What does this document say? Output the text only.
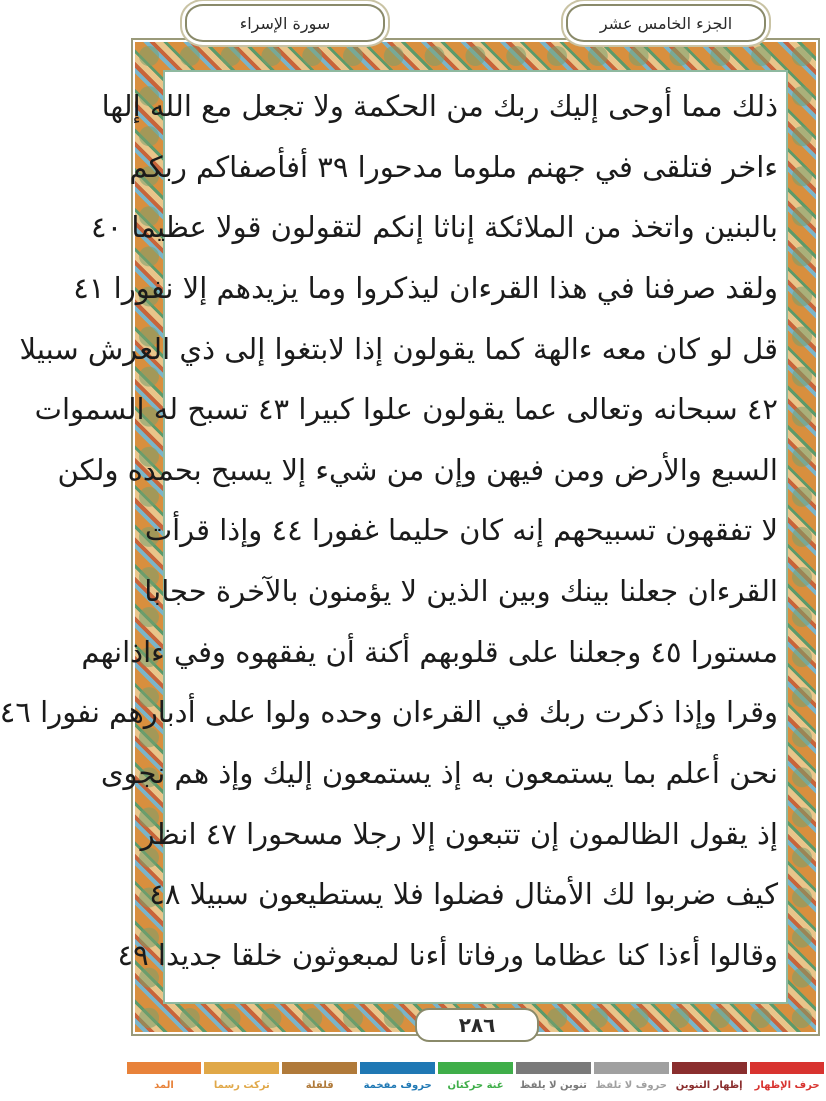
الجزء الخامس عشر
سورة الإسراء
ذلك مما أوحى إليك ربك من الحكمة ولا تجعل مع الله إلها
ءاخر فتلقى في جهنم ملوما مدحورا ٣٩ أفأصفاكم ربكم
بالبنين واتخذ من الملائكة إناثا إنكم لتقولون قولا عظيما ٤٠
ولقد صرفنا في هذا القرءان ليذكروا وما يزيدهم إلا نفورا ٤١
قل لو كان معه ءالهة كما يقولون إذا لابتغوا إلى ذي العرش سبيلا
٤٢ سبحانه وتعالى عما يقولون علوا كبيرا ٤٣ تسبح له السموات
السبع والأرض ومن فيهن وإن من شيء إلا يسبح بحمده ولكن
لا تفقهون تسبيحهم إنه كان حليما غفورا ٤٤ وإذا قرأت
القرءان جعلنا بينك وبين الذين لا يؤمنون بالآخرة حجابا
مستورا ٤٥ وجعلنا على قلوبهم أكنة أن يفقهوه وفي ءاذانهم
وقرا وإذا ذكرت ربك في القرءان وحده ولوا على أدبارهم نفورا ٤٦
نحن أعلم بما يستمعون به إذ يستمعون إليك وإذ هم نجوى
إذ يقول الظالمون إن تتبعون إلا رجلا مسحورا ٤٧ انظر
كيف ضربوا لك الأمثال فضلوا فلا يستطيعون سبيلا ٤٨
وقالوا أءذا كنا عظاما ورفاتا أءنا لمبعوثون خلقا جديدا ٤٩
٢٨٦
المد	تركت رسما	قلقلة	حروف مفخمة غنة حركتان تنوين لا يلفظ حروف لا تلفظ إظهار التنوين حرف الإظهار
